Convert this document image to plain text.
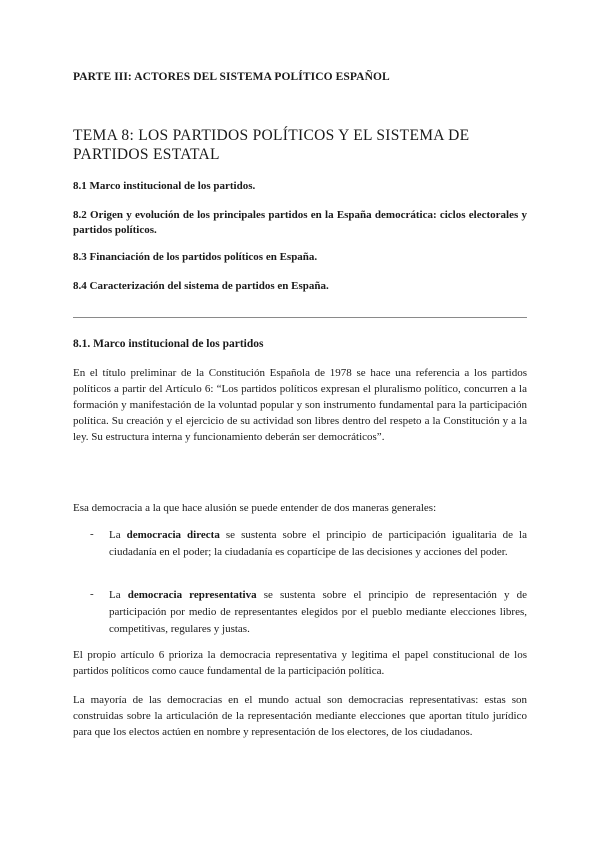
PARTE III: ACTORES DEL SISTEMA POLÍTICO ESPAÑOL

TEMA 8: LOS PARTIDOS POLÍTICOS Y EL SISTEMA DE PARTIDOS ESTATAL

8.1 Marco institucional de los partidos.

8.2 Origen y evolución de los principales partidos en la España democrática: ciclos electorales y partidos políticos.

8.3 Financiación de los partidos políticos en España.

8.4 Caracterización del sistema de partidos en España.

8.1. Marco institucional de los partidos

En el título preliminar de la Constitución Española de 1978 se hace una referencia a los partidos políticos a partir del Artículo 6: “Los partidos políticos expresan el pluralismo político, concurren a la formación y manifestación de la voluntad popular y son instrumento fundamental para la participación política. Su creación y el ejercicio de su actividad son libres dentro del respeto a la Constitución y a la ley. Su estructura interna y funcionamiento deberán ser democráticos”.

Esa democracia a la que hace alusión se puede entender de dos maneras generales:

- La democracia directa se sustenta sobre el principio de participación igualitaria de la ciudadanía en el poder; la ciudadanía es copartícipe de las decisiones y acciones del poder.

- La democracia representativa se sustenta sobre el principio de representación y de participación por medio de representantes elegidos por el pueblo mediante elecciones libres, competitivas, regulares y justas.

El propio artículo 6 prioriza la democracia representativa y legitima el papel constitucional de los partidos políticos como cauce fundamental de la participación política.

La mayoría de las democracias en el mundo actual son democracias representativas: estas son construidas sobre la articulación de la representación mediante elecciones que aportan título jurídico para que los electos actúen en nombre y representación de los electores, de los ciudadanos.
